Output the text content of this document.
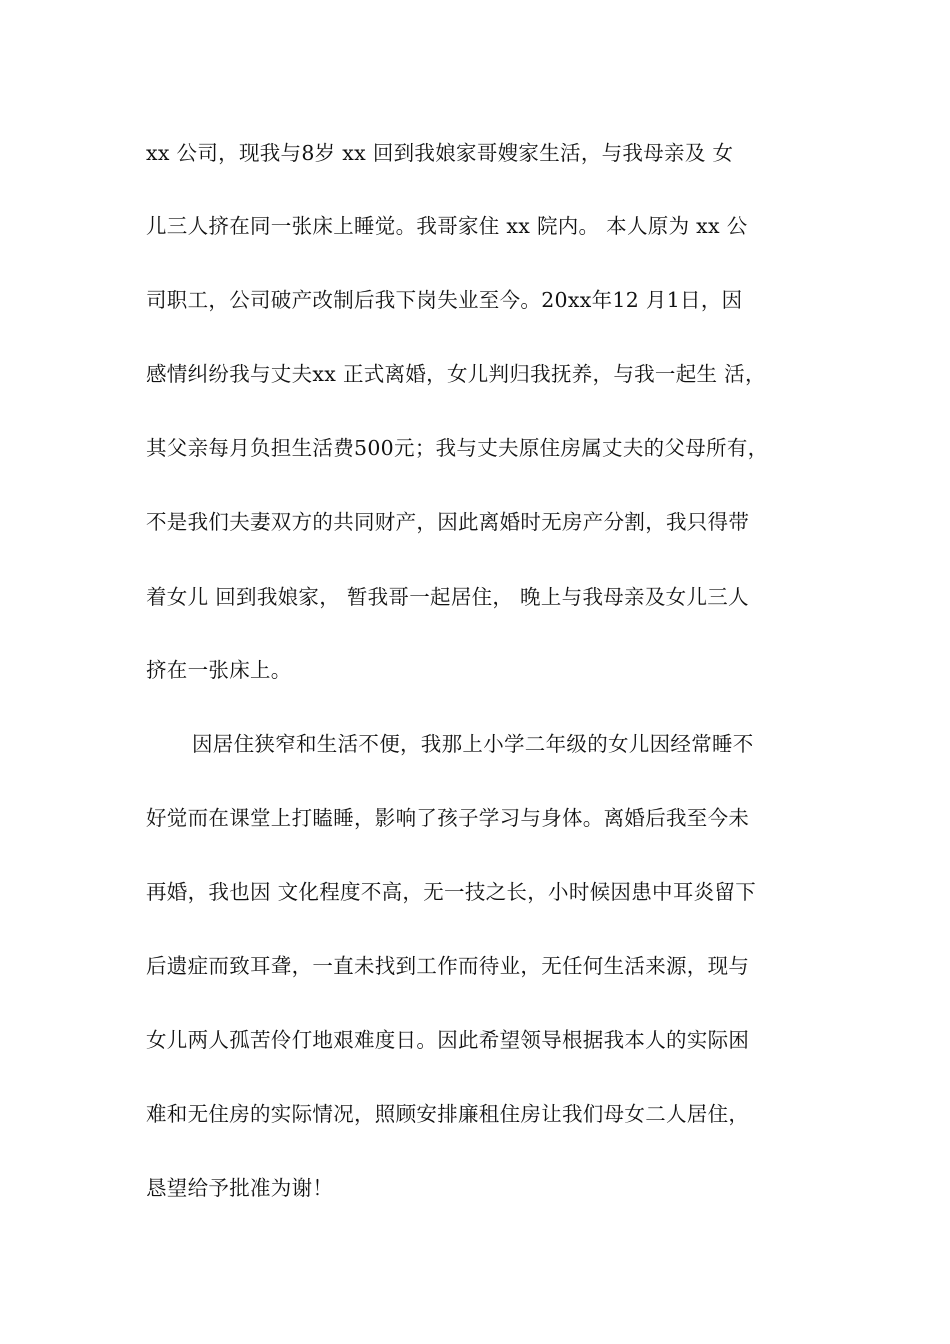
xx 公司，现我与8岁 xx 回到我娘家哥嫂家生活，与我母亲及 女
儿三人挤在同一张床上睡觉。我哥家住 xx 院内。 本人原为 xx 公
司职工，公司破产改制后我下岗失业至今。20xx年12 月1日，因
感情纠纷我与丈夫xx 正式离婚，女儿判归我抚养，与我一起生 活，
其父亲每月负担生活费500元；我与丈夫原住房属丈夫的父母所有，
不是我们夫妻双方的共同财产，因此离婚时无房产分割，我只得带
着女儿 回到我娘家， 暂我哥一起居住， 晚上与我母亲及女儿三人
挤在一张床上。
因居住狭窄和生活不便，我那上小学二年级的女儿因经常睡不
好觉而在课堂上打瞌睡，影响了孩子学习与身体。离婚后我至今未
再婚，我也因 文化程度不高，无一技之长，小时候因患中耳炎留下
后遗症而致耳聋，一直未找到工作而待业，无任何生活来源，现与
女儿两人孤苦伶仃地艰难度日。因此希望领导根据我本人的实际困
难和无住房的实际情况，照顾安排廉租住房让我们母女二人居住，
恳望给予批准为谢！
